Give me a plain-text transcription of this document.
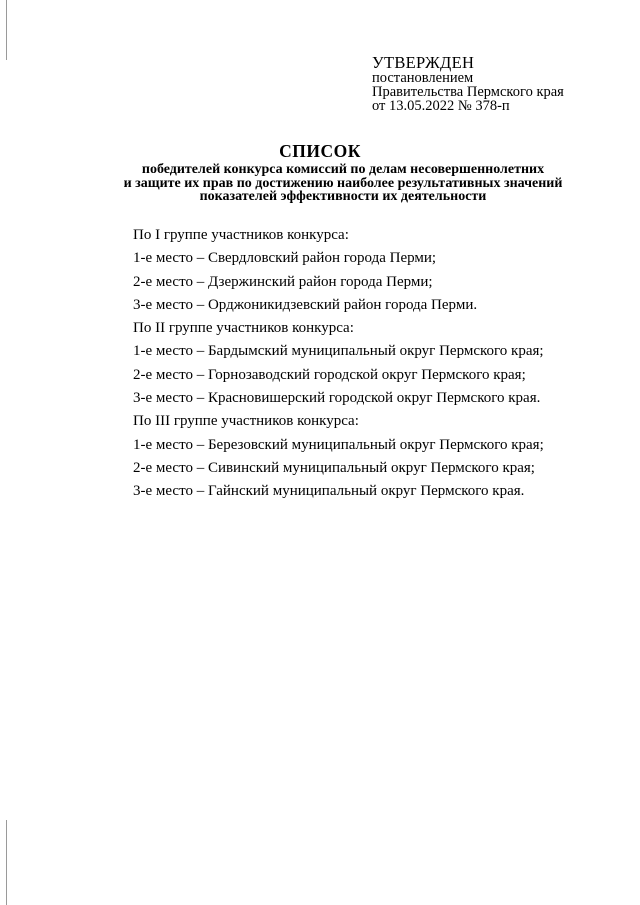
УТВЕРЖДЕН
постановлением
Правительства Пермского края
от 13.05.2022 № 378-п
СПИСОК
победителей конкурса комиссий по делам несовершеннолетних
и защите их прав по достижению наиболее результативных значений
показателей эффективности их деятельности
По I группе участников конкурса:
1-е место – Свердловский район города Перми;
2-е место – Дзержинский район города Перми;
3-е место – Орджоникидзевский район города Перми.
По II группе участников конкурса:
1-е место – Бардымский муниципальный округ Пермского края;
2-е место – Горнозаводский городской округ Пермского края;
3-е место – Красновишерский городской округ Пермского края.
По III группе участников конкурса:
1-е место – Березовский муниципальный округ Пермского края;
2-е место – Сивинский муниципальный округ Пермского края;
3-е место – Гайнский муниципальный округ Пермского края.
